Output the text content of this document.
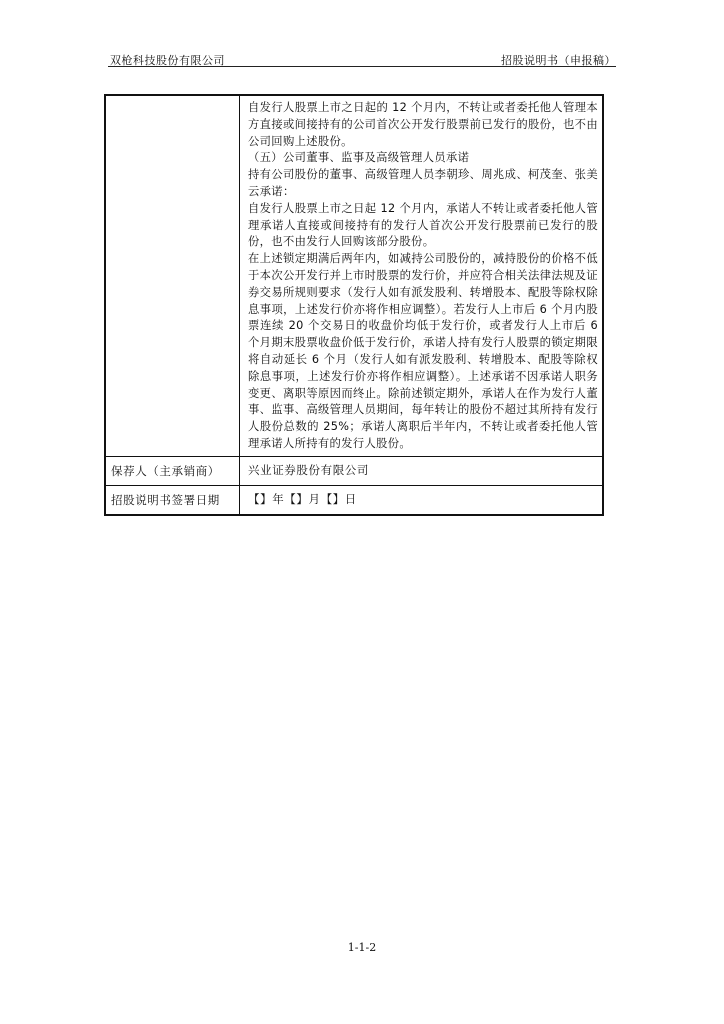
双枪科技股份有限公司	招股说明书（申报稿）

自发行人股票上市之日起的 12 个月内，不转让或者委托他人管理本方直接或间接持有的公司首次公开发行股票前已发行的股份，也不由公司回购上述股份。

（五）公司董事、监事及高级管理人员承诺

持有公司股份的董事、高级管理人员李朝珍、周兆成、柯茂奎、张美云承诺：

自发行人股票上市之日起 12 个月内，承诺人不转让或者委托他人管理承诺人直接或间接持有的发行人首次公开发行股票前已发行的股份，也不由发行人回购该部分股份。

在上述锁定期满后两年内，如减持公司股份的，减持股份的价格不低于本次公开发行并上市时股票的发行价，并应符合相关法律法规及证券交易所规则要求（发行人如有派发股利、转增股本、配股等除权除息事项，上述发行价亦将作相应调整）。若发行人上市后 6 个月内股票连续 20 个交易日的收盘价均低于发行价，或者发行人上市后 6 个月期末股票收盘价低于发行价，承诺人持有发行人股票的锁定期限将自动延长 6 个月（发行人如有派发股利、转增股本、配股等除权除息事项，上述发行价亦将作相应调整）。上述承诺不因承诺人职务变更、离职等原因而终止。除前述锁定期外，承诺人在作为发行人董事、监事、高级管理人员期间，每年转让的股份不超过其所持有发行人股份总数的 25%；承诺人离职后半年内，不转让或者委托他人管理承诺人所持有的发行人股份。

保荐人（主承销商）	兴业证券股份有限公司
招股说明书签署日期	【】年【】月【】日
1-1-2
